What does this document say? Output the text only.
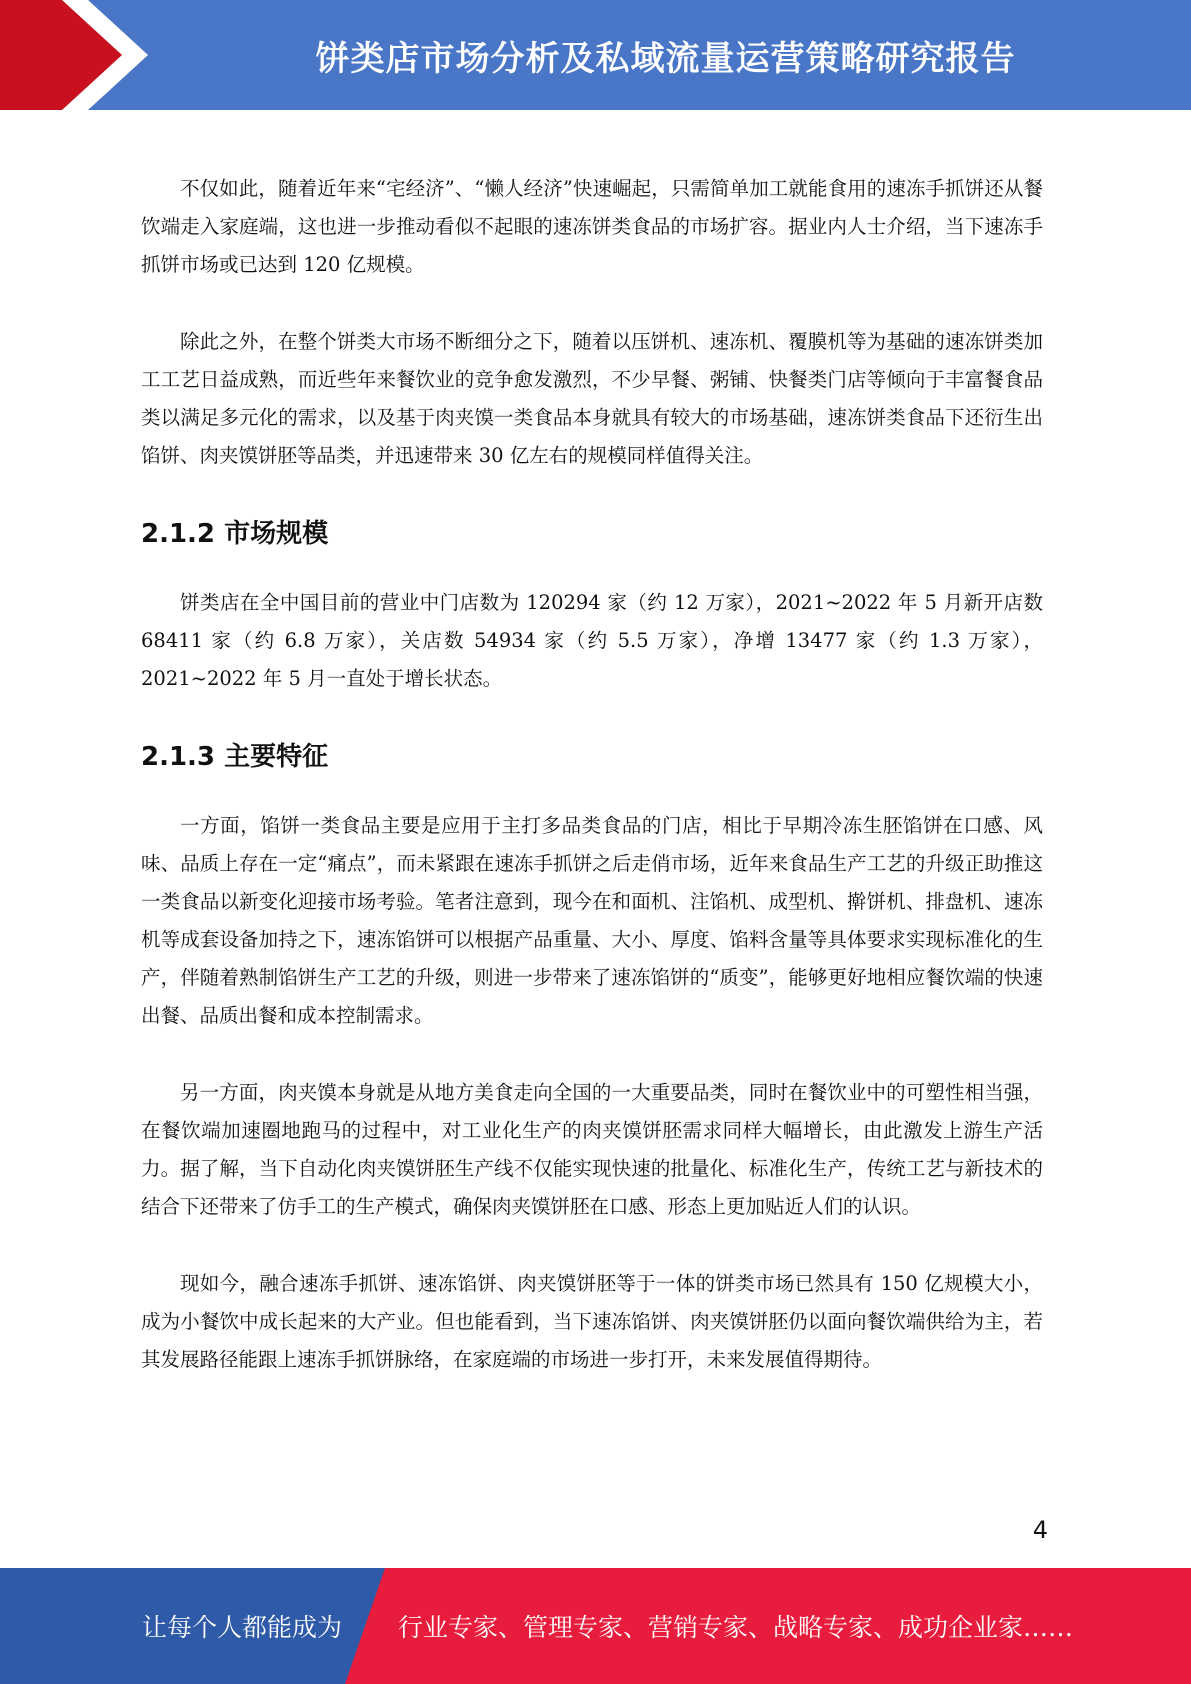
饼类店市场分析及私域流量运营策略研究报告

不仅如此，随着近年来“宅经济”、“懒人经济”快速崛起，只需简单加工就能食用的速冻手抓饼还从餐饮端走入家庭端，这也进一步推动看似不起眼的速冻饼类食品的市场扩容。据业内人士介绍，当下速冻手抓饼市场或已达到 120 亿规模。

除此之外，在整个饼类大市场不断细分之下，随着以压饼机、速冻机、覆膜机等为基础的速冻饼类加工工艺日益成熟，而近些年来餐饮业的竞争愈发激烈，不少早餐、粥铺、快餐类门店等倾向于丰富餐食品类以满足多元化的需求，以及基于肉夹馍一类食品本身就具有较大的市场基础，速冻饼类食品下还衍生出馅饼、肉夹馍饼胚等品类，并迅速带来 30 亿左右的规模同样值得关注。

2.1.2 市场规模

饼类店在全中国目前的营业中门店数为 120294 家（约 12 万家），2021~2022 年 5 月新开店数 68411 家（约 6.8 万家），关店数 54934 家（约 5.5 万家），净增 13477 家（约 1.3 万家），2021~2022 年 5 月一直处于增长状态。

2.1.3 主要特征

一方面，馅饼一类食品主要是应用于主打多品类食品的门店，相比于早期冷冻生胚馅饼在口感、风味、品质上存在一定“痛点”，而未紧跟在速冻手抓饼之后走俏市场，近年来食品生产工艺的升级正助推这一类食品以新变化迎接市场考验。笔者注意到，现今在和面机、注馅机、成型机、擀饼机、排盘机、速冻机等成套设备加持之下，速冻馅饼可以根据产品重量、大小、厚度、馅料含量等具体要求实现标准化的生产，伴随着熟制馅饼生产工艺的升级，则进一步带来了速冻馅饼的“质变”，能够更好地相应餐饮端的快速出餐、品质出餐和成本控制需求。

另一方面，肉夹馍本身就是从地方美食走向全国的一大重要品类，同时在餐饮业中的可塑性相当强，在餐饮端加速圈地跑马的过程中，对工业化生产的肉夹馍饼胚需求同样大幅增长，由此激发上游生产活力。据了解，当下自动化肉夹馍饼胚生产线不仅能实现快速的批量化、标准化生产，传统工艺与新技术的结合下还带来了仿手工的生产模式，确保肉夹馍饼胚在口感、形态上更加贴近人们的认识。

现如今，融合速冻手抓饼、速冻馅饼、肉夹馍饼胚等于一体的饼类市场已然具有 150 亿规模大小，成为小餐饮中成长起来的大产业。但也能看到，当下速冻馅饼、肉夹馍饼胚仍以面向餐饮端供给为主，若其发展路径能跟上速冻手抓饼脉络，在家庭端的市场进一步打开，未来发展值得期待。

4
让每个人都能成为 行业专家、管理专家、营销专家、战略专家、成功企业家……
